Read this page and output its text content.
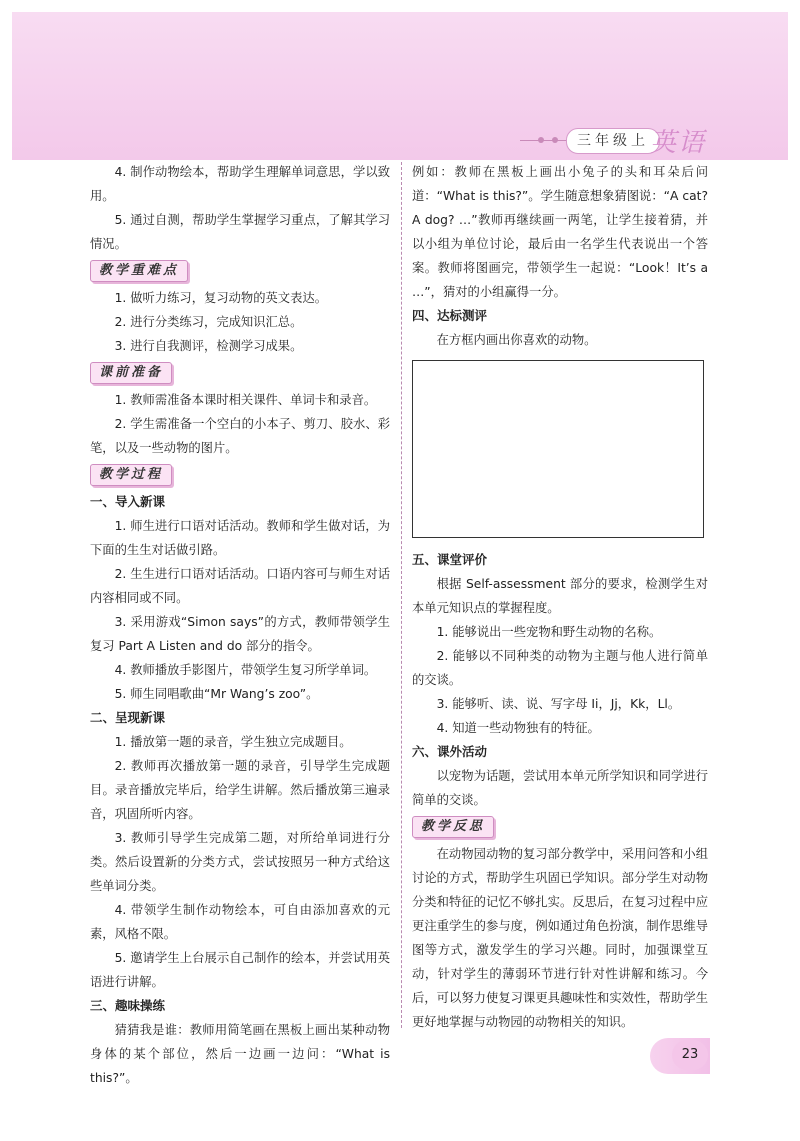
三年级上 英语

4. 制作动物绘本，帮助学生理解单词意思，学以致用。

5. 通过自测，帮助学生掌握学习重点，了解其学习情况。

教学重难点

1. 做听力练习，复习动物的英文表达。

2. 进行分类练习，完成知识汇总。

3. 进行自我测评，检测学习成果。

课前准备

1. 教师需准备本课时相关课件、单词卡和录音。

2. 学生需准备一个空白的小本子、剪刀、胶水、彩笔，以及一些动物的图片。

教学过程

一、导入新课

1. 师生进行口语对话活动。教师和学生做对话，为下面的生生对话做引路。

2. 生生进行口语对话活动。口语内容可与师生对话内容相同或不同。

3. 采用游戏“Simon says”的方式，教师带领学生复习 Part A Listen and do 部分的指令。

4. 教师播放手影图片，带领学生复习所学单词。

5. 师生同唱歌曲“Mr Wang’s zoo”。

二、呈现新课

1. 播放第一题的录音，学生独立完成题目。

2. 教师再次播放第一题的录音，引导学生完成题目。录音播放完毕后，给学生讲解。然后播放第三遍录音，巩固所听内容。

3. 教师引导学生完成第二题，对所给单词进行分类。然后设置新的分类方式，尝试按照另一种方式给这些单词分类。

4. 带领学生制作动物绘本，可自由添加喜欢的元素，风格不限。

5. 邀请学生上台展示自己制作的绘本，并尝试用英语进行讲解。

三、趣味操练

猜猜我是谁：教师用简笔画在黑板上画出某种动物身体的某个部位，然后一边画一边问：“What is this?”。

例如：教师在黑板上画出小兔子的头和耳朵后问道：“What is this?”。学生随意想象猜图说：“A cat? A dog? …”教师再继续画一两笔，让学生接着猜，并以小组为单位讨论，最后由一名学生代表说出一个答案。教师将图画完，带领学生一起说：“Look！It’s a …”，猜对的小组赢得一分。

四、达标测评

在方框内画出你喜欢的动物。

五、课堂评价

根据 Self-assessment 部分的要求，检测学生对本单元知识点的掌握程度。

1. 能够说出一些宠物和野生动物的名称。

2. 能够以不同种类的动物为主题与他人进行简单的交谈。

3. 能够听、读、说、写字母 Ii，Jj，Kk，Ll。

4. 知道一些动物独有的特征。

六、课外活动

以宠物为话题，尝试用本单元所学知识和同学进行简单的交谈。

教学反思

在动物园动物的复习部分教学中，采用问答和小组讨论的方式，帮助学生巩固已学知识。部分学生对动物分类和特征的记忆不够扎实。反思后，在复习过程中应更注重学生的参与度，例如通过角色扮演，制作思维导图等方式，激发学生的学习兴趣。同时，加强课堂互动，针对学生的薄弱环节进行针对性讲解和练习。今后，可以努力使复习课更具趣味性和实效性，帮助学生更好地掌握与动物园的动物相关的知识。

23
